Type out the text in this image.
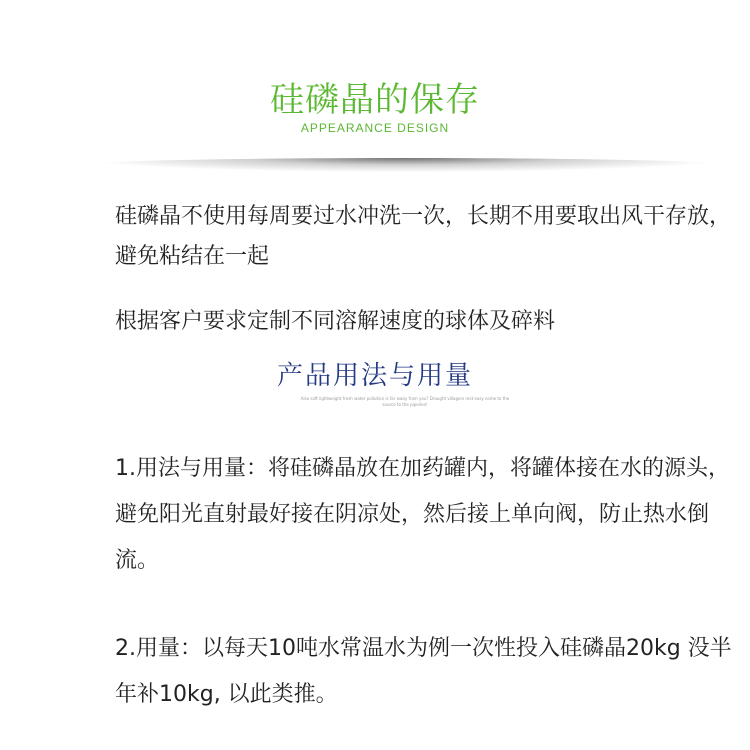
硅磷晶的保存
APPEARANCE DESIGN

硅磷晶不使用每周要过水冲洗一次，长期不用要取出风干存放，避免粘结在一起

根据客户要求定制不同溶解速度的球体及碎料

产品用法与用量
Also soft lightweight fresh water pollution is far away from you? Drought villagers rest easy come to the source to the pipeline!

1.用法与用量：将硅磷晶放在加药罐内，将罐体接在水的源头，避免阳光直射最好接在阴凉处，然后接上单向阀，防止热水倒流。

2.用量：以每天10吨水常温水为例一次性投入硅磷晶20kg 没半年补10kg, 以此类推。
